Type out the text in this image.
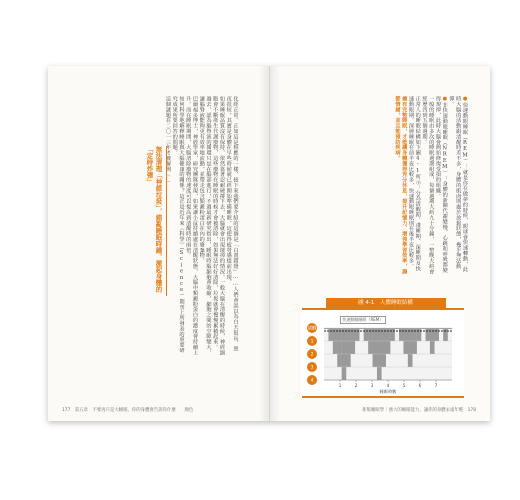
化經正常。正如這是相應的一樣，接下來我們要介紹的這個是「白晝錯覺」……人們會誤以為白天很長、黑夜很短，其實是身體在早些時候就已經開始準備睡眠，這使得疲勞感提前出現。

如果睡眠品質沒有保持，依然靠著忍耐硬撐下去，大腦就會出現壞掉的情況。一般大腦在清醒的時候，神經細胞會不斷產生代謝廢物，這些廢物在睡眠的時候才會被清除，如果無法好好清除，垃圾就會慢慢累積起來。

過去，認為腦脊液的循環只是在腦部進行，不過最新研究指出，睡眠時腦細胞會收縮，細胞之間的空隙變大，讓腦脊液能夠更有效率地流動，並帶走包含類澱粉蛋白在內的廢棄物。

巴爾福多博士，神經學家，研究團隊發現，如果讓小鼠持續處在清醒狀態，大腦中類澱粉蛋白的濃度會持續上升。而在睡眠期間，大腦清除廢物的速度可以提高到清醒時的兩倍。

如何科學地解釋睡眠與大腦健康的關係？這正是近年來《科學》（Science）期刊上所發表的重要研究成果所要回答的問題。

這個謎題在二〇一三年才被解開……

無法清理「神經垃圾」，錯亂睡眠時鐘，激起身體的「定時炸彈」
177　第五章　不要再只是大睡眠，你的身體會告訴你什麼　　顏色

●快速動眼睡眠（REM）：就是你在做夢的時候，眼球會快速轉動，此時大腦的活動跟清醒時差不多，身體的肌肉則處於放鬆狀態，幾乎無法動彈。

●非快速動眼睡眠（NREM）：身體的新陳代謝變慢，心跳和呼吸都變得規律，此時大腦會開始修復受損的組織。

一般的睡眠由多次的睡眠週期組成，每個週期大約九十分鐘，一整晚大約會經歷四到五個週期。

正常人的睡眠結構如下圖4-1所示：分為清醒期、淺睡期、深睡期及快速動眼期。深層睡眠在前半夜比較多，快速動眼睡眠則在後半夜比較多。

擁有完整睡眠，才能讓身體獲得充分休息，提升記憶力、增強學習效率，調節情緒，並且能預防疾病。

圖 4-1　人體睡眠結構
清醒
1
2
3
4
1	2	3	4	5	6	7
睡眠時數
快速動眼睡眠（REM）
新版睡眠學｜強大的睡眠能力，讓你的身體永遠年輕　178
